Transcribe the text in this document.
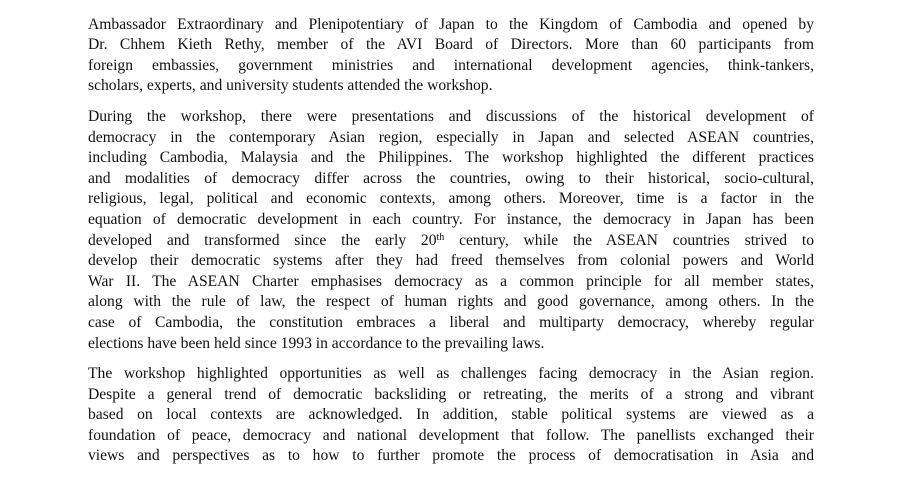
Ambassador Extraordinary and Plenipotentiary of Japan to the Kingdom of Cambodia and opened by
Dr. Chhem Kieth Rethy, member of the AVI Board of Directors. More than 60 participants from
foreign embassies, government ministries and international development agencies, think-tankers,
scholars, experts, and university students attended the workshop.

During the workshop, there were presentations and discussions of the historical development of
democracy in the contemporary Asian region, especially in Japan and selected ASEAN countries,
including Cambodia, Malaysia and the Philippines. The workshop highlighted the different practices
and modalities of democracy differ across the countries, owing to their historical, socio-cultural,
religious, legal, political and economic contexts, among others. Moreover, time is a factor in the
equation of democratic development in each country. For instance, the democracy in Japan has been
developed and transformed since the early 20th century, while the ASEAN countries strived to
develop their democratic systems after they had freed themselves from colonial powers and World
War II. The ASEAN Charter emphasises democracy as a common principle for all member states,
along with the rule of law, the respect of human rights and good governance, among others. In the
case of Cambodia, the constitution embraces a liberal and multiparty democracy, whereby regular
elections have been held since 1993 in accordance to the prevailing laws.

The workshop highlighted opportunities as well as challenges facing democracy in the Asian region.
Despite a general trend of democratic backsliding or retreating, the merits of a strong and vibrant
based on local contexts are acknowledged. In addition, stable political systems are viewed as a
foundation of peace, democracy and national development that follow. The panellists exchanged their
views and perspectives as to how to further promote the process of democratisation in Asia and
